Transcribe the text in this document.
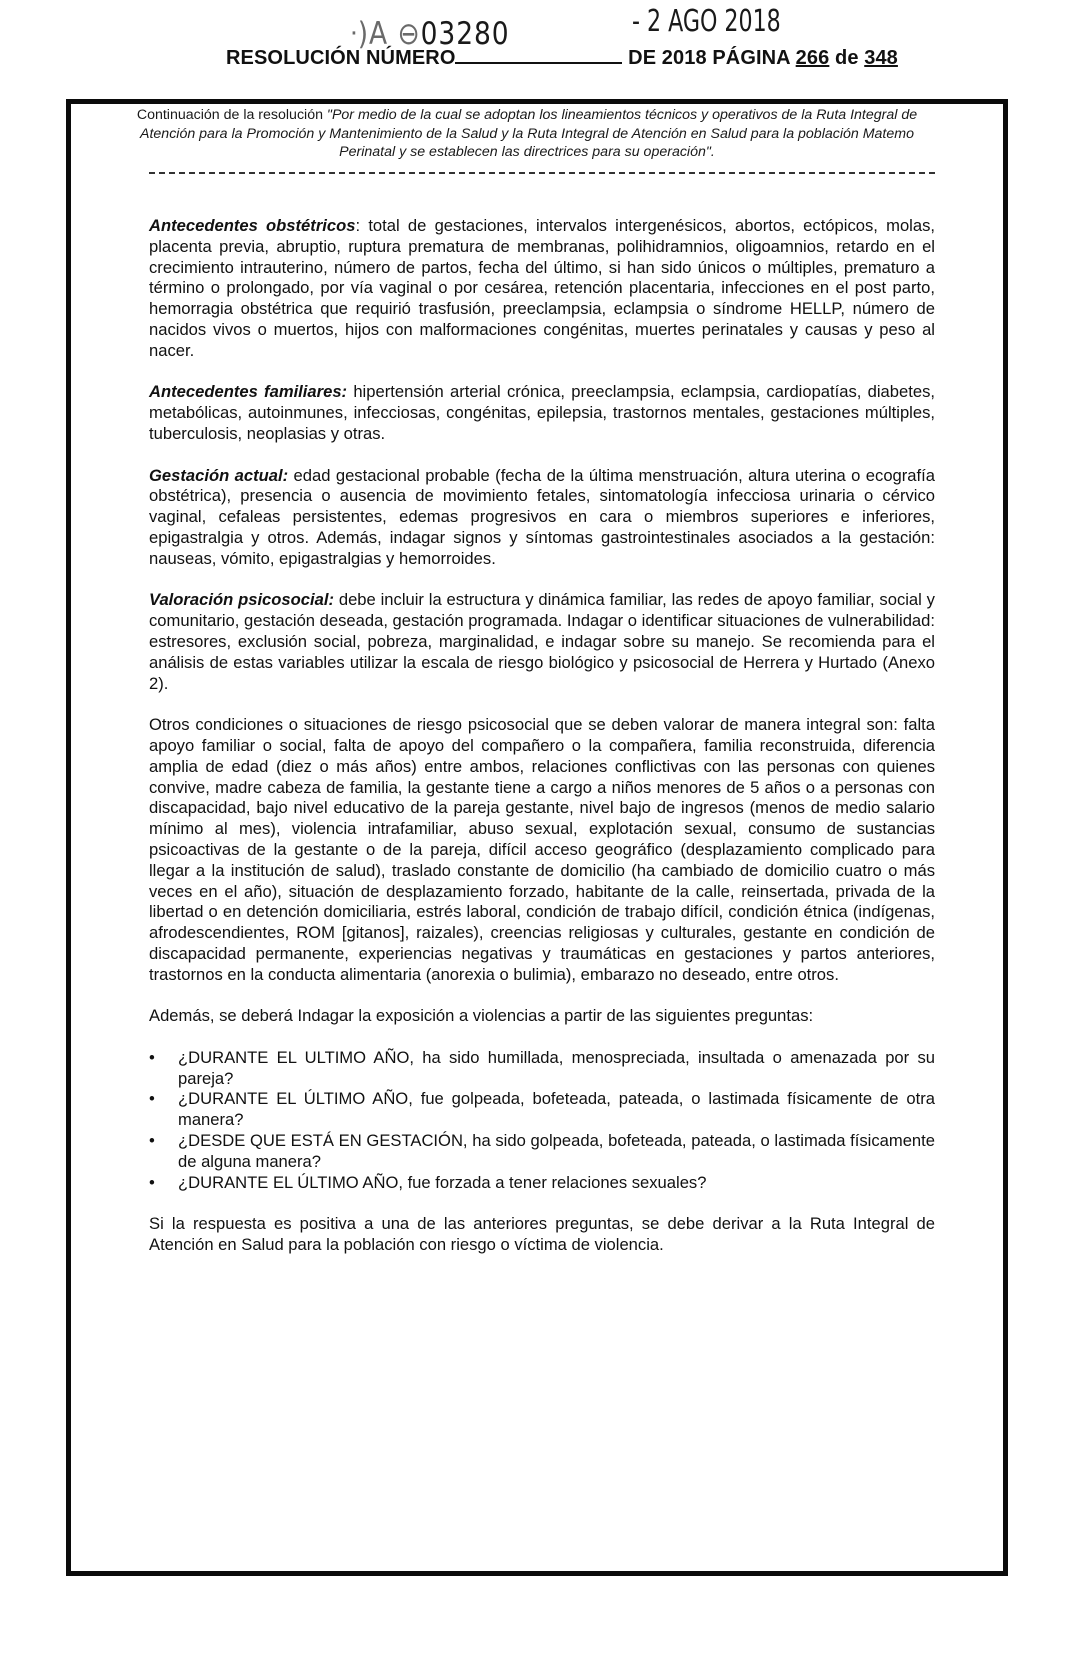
ᐧ)A ⊖03280	- 2 AGO 2018
RESOLUCIÓN NÚMERO	DE 2018 PÁGINA 266 de 348
Continuación de la resolución "Por medio de la cual se adoptan los lineamientos técnicos y operativos de la Ruta Integral de Atención para la Promoción y Mantenimiento de la Salud y la Ruta Integral de Atención en Salud para la población Matemo Perinatal y se establecen las directrices para su operación".

Antecedentes obstétricos: total de gestaciones, intervalos intergenésicos, abortos, ectópicos, molas, placenta previa, abruptio, ruptura prematura de membranas, polihidramnios, oligoamnios, retardo en el crecimiento intrauterino, número de partos, fecha del último, si han sido únicos o múltiples, prematuro a término o prolongado, por vía vaginal o por cesárea, retención placentaria, infecciones en el post parto, hemorragia obstétrica que requirió trasfusión, preeclampsia, eclampsia o síndrome HELLP, número de nacidos vivos o muertos, hijos con malformaciones congénitas, muertes perinatales y causas y peso al nacer.

Antecedentes familiares: hipertensión arterial crónica, preeclampsia, eclampsia, cardiopatías, diabetes, metabólicas, autoinmunes, infecciosas, congénitas, epilepsia, trastornos mentales, gestaciones múltiples, tuberculosis, neoplasias y otras.

Gestación actual: edad gestacional probable (fecha de la última menstruación, altura uterina o ecografía obstétrica), presencia o ausencia de movimiento fetales, sintomatología infecciosa urinaria o cérvico vaginal, cefaleas persistentes, edemas progresivos en cara o miembros superiores e inferiores, epigastralgia y otros. Además, indagar signos y síntomas gastrointestinales asociados a la gestación: nauseas, vómito, epigastralgias y hemorroides.

Valoración psicosocial: debe incluir la estructura y dinámica familiar, las redes de apoyo familiar, social y comunitario, gestación deseada, gestación programada. Indagar o identificar situaciones de vulnerabilidad: estresores, exclusión social, pobreza, marginalidad, e indagar sobre su manejo. Se recomienda para el análisis de estas variables utilizar la escala de riesgo biológico y psicosocial de Herrera y Hurtado (Anexo 2).

Otros condiciones o situaciones de riesgo psicosocial que se deben valorar de manera integral son: falta apoyo familiar o social, falta de apoyo del compañero o la compañera, familia reconstruida, diferencia amplia de edad (diez o más años) entre ambos, relaciones conflictivas con las personas con quienes convive, madre cabeza de familia, la gestante tiene a cargo a niños menores de 5 años o a personas con discapacidad, bajo nivel educativo de la pareja gestante, nivel bajo de ingresos (menos de medio salario mínimo al mes), violencia intrafamiliar, abuso sexual, explotación sexual, consumo de sustancias psicoactivas de la gestante o de la pareja, difícil acceso geográfico (desplazamiento complicado para llegar a la institución de salud), traslado constante de domicilio (ha cambiado de domicilio cuatro o más veces en el año), situación de desplazamiento forzado, habitante de la calle, reinsertada, privada de la libertad o en detención domiciliaria, estrés laboral, condición de trabajo difícil, condición étnica (indígenas, afrodescendientes, ROM [gitanos], raizales), creencias religiosas y culturales, gestante en condición de discapacidad permanente, experiencias negativas y traumáticas en gestaciones y partos anteriores, trastornos en la conducta alimentaria (anorexia o bulimia), embarazo no deseado, entre otros.

Además, se deberá Indagar la exposición a violencias a partir de las siguientes preguntas:

• ¿DURANTE EL ULTIMO AÑO, ha sido humillada, menospreciada, insultada o amenazada por su pareja?
• ¿DURANTE EL ÚLTIMO AÑO, fue golpeada, bofeteada, pateada, o lastimada físicamente de otra manera?
• ¿DESDE QUE ESTÁ EN GESTACIÓN, ha sido golpeada, bofeteada, pateada, o lastimada físicamente de alguna manera?
• ¿DURANTE EL ÚLTIMO AÑO, fue forzada a tener relaciones sexuales?

Si la respuesta es positiva a una de las anteriores preguntas, se debe derivar a la Ruta Integral de Atención en Salud para la población con riesgo o víctima de violencia.
